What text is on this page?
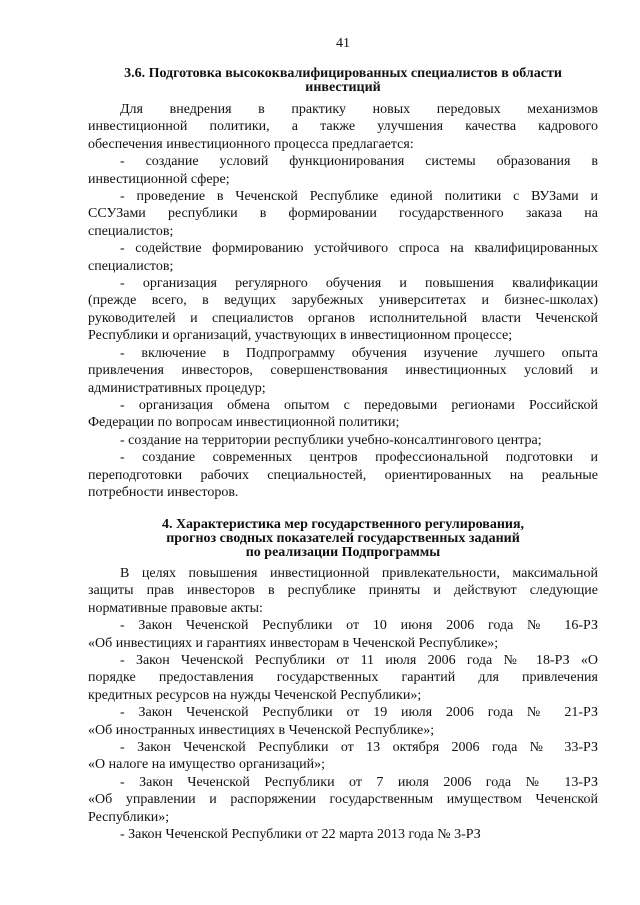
41
3.6. Подготовка высококвалифицированных специалистов в области
инвестиций

Для внедрения в практику новых передовых механизмов
инвестиционной политики, а также улучшения качества кадрового
обеспечения инвестиционного процесса предлагается:

- создание условий функционирования системы образования в
инвестиционной сфере;

- проведение в Чеченской Республике единой политики с ВУЗами и
ССУЗами республики в формировании государственного заказа на
специалистов;

- содействие формированию устойчивого спроса на квалифицированных
специалистов;

- организация регулярного обучения и повышения квалификации
(прежде всего, в ведущих зарубежных университетах и бизнес-школах)
руководителей и специалистов органов исполнительной власти Чеченской
Республики и организаций, участвующих в инвестиционном процессе;

- включение в Подпрограмму обучения изучение лучшего опыта
привлечения инвесторов, совершенствования инвестиционных условий и
административных процедур;

- организация обмена опытом с передовыми регионами Российской
Федерации по вопросам инвестиционной политики;

- создание на территории республики учебно-консалтингового центра;

- создание современных центров профессиональной подготовки и
переподготовки рабочих специальностей, ориентированных на реальные
потребности инвесторов.

4. Характеристика мер государственного регулирования,
прогноз сводных показателей государственных заданий
по реализации Подпрограммы

В целях повышения инвестиционной привлекательности, максимальной
защиты прав инвесторов в республике приняты и действуют следующие
нормативные правовые акты:

- Закон Чеченской Республики от 10 июня 2006 года № 16-РЗ
«Об инвестициях и гарантиях инвесторам в Чеченской Республике»;

- Закон Чеченской Республики от 11 июля 2006 года № 18-РЗ «О
порядке предоставления государственных гарантий для привлечения
кредитных ресурсов на нужды Чеченской Республики»;

- Закон Чеченской Республики от 19 июля 2006 года № 21-РЗ
«Об иностранных инвестициях в Чеченской Республике»;

- Закон Чеченской Республики от 13 октября 2006 года № 33-РЗ
«О налоге на имущество организаций»;

- Закон Чеченской Республики от 7 июля 2006 года № 13-РЗ
«Об управлении и распоряжении государственным имуществом Чеченской
Республики»;

- Закон Чеченской Республики от 22 марта 2013 года № 3-РЗ
